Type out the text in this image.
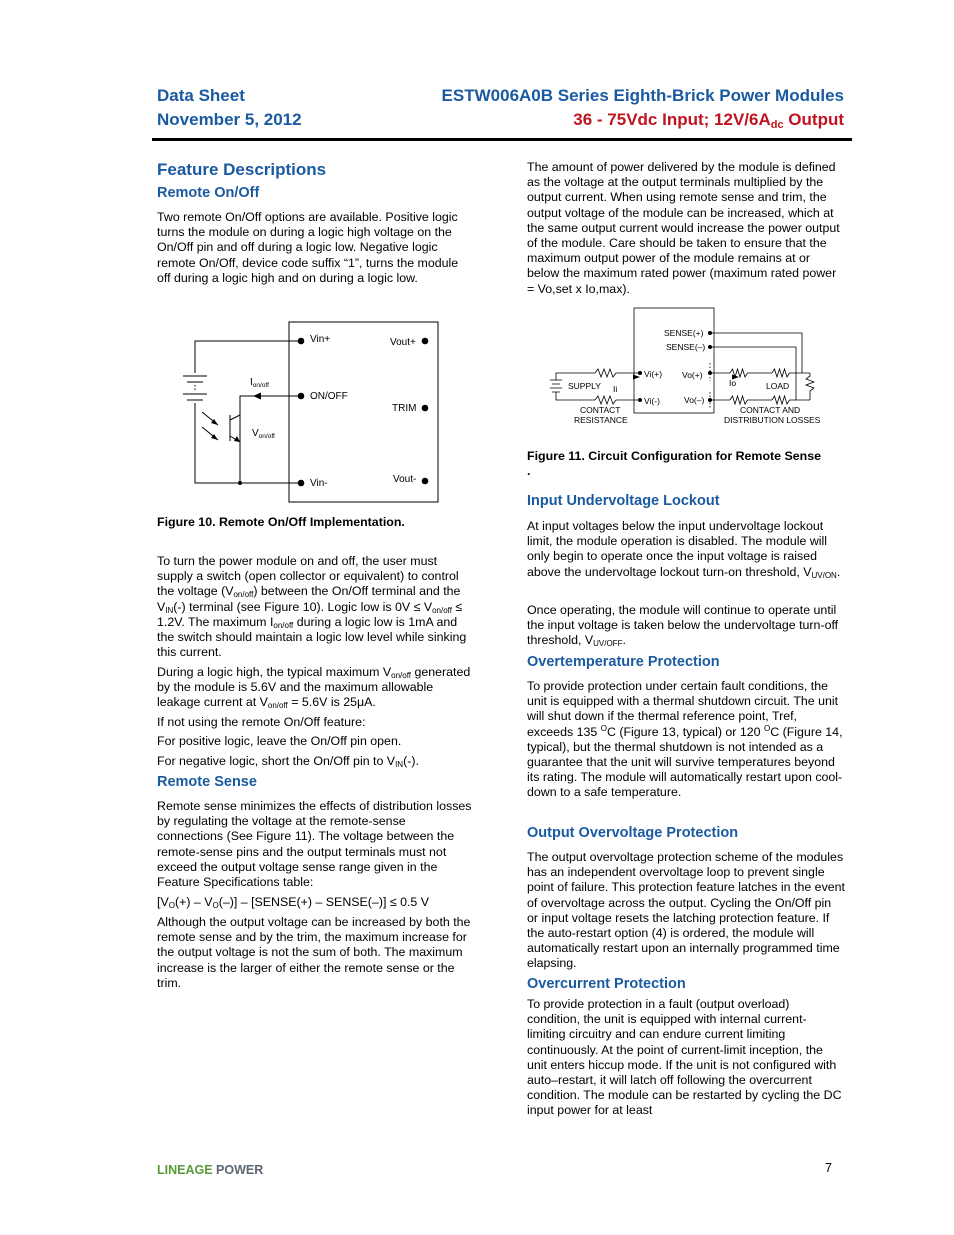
Data Sheet
November 5, 2012
ESTW006A0B Series Eighth-Brick Power Modules
36 - 75Vdc Input; $12V/6A_{dc}$ Output
Feature Descriptions
Remote On/Off
Two remote On/Off options are available. Positive logic turns the module on during a logic high voltage on the On/Off pin and off during a logic low. Negative logic remote On/Off, device code suffix “1”, turns the module off during a logic high and on during a logic low.
Vin+
ON/OFF
Vin-
Vout+
TRIM
Vout-
$I_{on/off}$
$V_{on/off}$
Figure 10. Remote On/Off Implementation.
To turn the power module on and off, the user must supply a switch (open collector or equivalent) to control the voltage $(V_{on/off})$ between the On/Off terminal and the $V_{IN}(-)$ terminal (see Figure 10). Logic low is $0V \le V_{on/off} \le 1.2V$. The maximum $I_{on/off}$ during a logic low is 1mA and the switch should maintain a logic low level while sinking this current.
During a logic high, the typical maximum $V_{on/off}$ generated by the module is 5.6V and the maximum allowable leakage current at $V_{on/off} = 5.6V$ is 25μA.
If not using the remote On/Off feature:
For positive logic, leave the On/Off pin open.
For negative logic, short the On/Off pin to $V_{IN}(-)$.
Remote Sense
Remote sense minimizes the effects of distribution losses by regulating the voltage at the remote-sense connections (See Figure 11). The voltage between the remote-sense pins and the output terminals must not exceed the output voltage sense range given in the Feature Specifications table:
$[V_O(+) - V_O(-)]$ – [SENSE(+) – SENSE(–)] ≤ 0.5 V
Although the output voltage can be increased by both the remote sense and by the trim, the maximum increase for the output voltage is not the sum of both. The maximum increase is the larger of either the remote sense or the trim.
The amount of power delivered by the module is defined as the voltage at the output terminals multiplied by the output current. When using remote sense and trim, the output voltage of the module can be increased, which at the same output current would increase the power output of the module. Care should be taken to ensure that the maximum output power of the module remains at or below the maximum rated power (maximum rated power = Vo,set x Io,max).
SENSE(+)
SENSE(–)
Vi(+)
Vi(-)
Vo(+)
Vo(–)
SUPPLY Ii
Io	LOAD
CONTACT
RESISTANCE
CONTACT AND
DISTRIBUTION LOSSES
Figure 11. Circuit Configuration for Remote Sense .
Input Undervoltage Lockout
At input voltages below the input undervoltage lockout limit, the module operation is disabled. The module will only begin to operate once the input voltage is raised above the undervoltage lockout turn-on threshold, $V_{UV/ON}$.
Once operating, the module will continue to operate until the input voltage is taken below the undervoltage turn-off threshold, $V_{UV/OFF}$.
Overtemperature Protection
To provide protection under certain fault conditions, the unit is equipped with a thermal shutdown circuit. The unit will shut down if the thermal reference point, Tref, exceeds 135 $^O$C (Figure 13, typical) or 120 $^O$C (Figure 14, typical), but the thermal shutdown is not intended as a guarantee that the unit will survive temperatures beyond its rating. The module will automatically restart upon cool-down to a safe temperature.
Output Overvoltage Protection
The output overvoltage protection scheme of the modules has an independent overvoltage loop to prevent single point of failure. This protection feature latches in the event of overvoltage across the output. Cycling the On/Off pin or input voltage resets the latching protection feature. If the auto-restart option (4) is ordered, the module will automatically restart upon an internally programmed time elapsing.
Overcurrent Protection
To provide protection in a fault (output overload) condition, the unit is equipped with internal current-limiting circuitry and can endure current limiting continuously. At the point of current-limit inception, the unit enters hiccup mode. If the unit is not configured with auto–restart, it will latch off following the overcurrent condition. The module can be restarted by cycling the DC input power for at least
LINEAGE POWER	7
